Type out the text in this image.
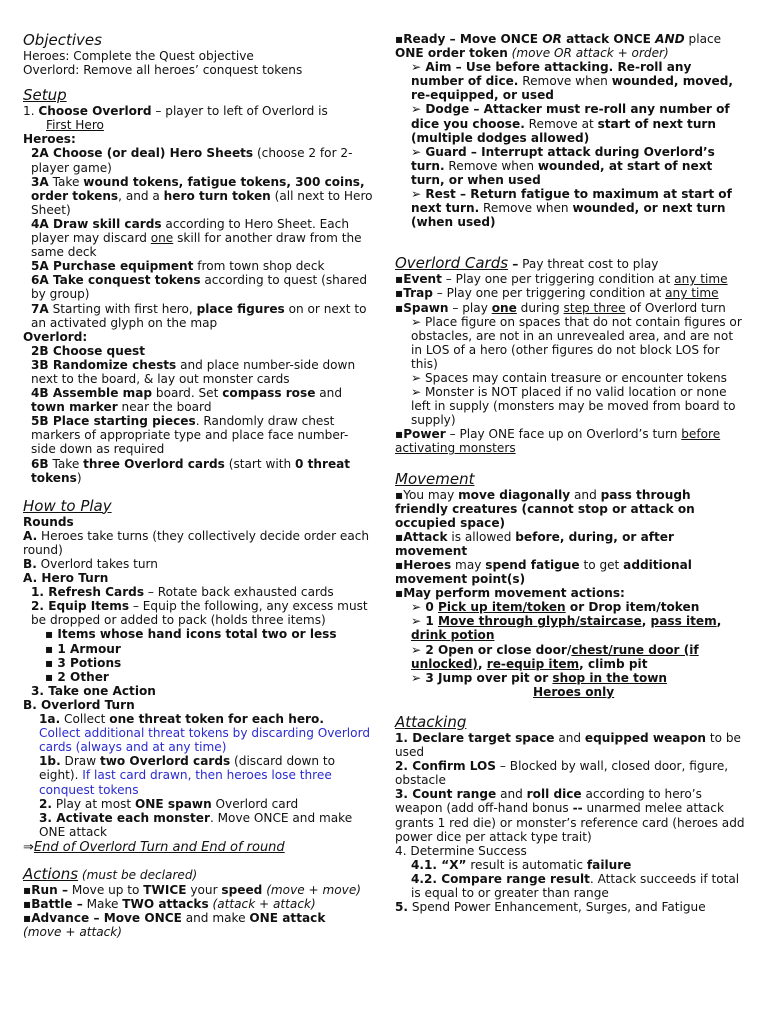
Objectives

Heroes: Complete the Quest objective

Overlord: Remove all heroes’ conquest tokens

Setup

1. Choose Overlord – player to left of Overlord is
First Hero

Heroes:

2A Choose (or deal) Hero Sheets (choose 2 for 2-player game)

3A Take wound tokens, fatigue tokens, 300 coins, order tokens, and a hero turn token (all next to Hero Sheet)

4A Draw skill cards according to Hero Sheet. Each player may discard one skill for another draw from the same deck

5A Purchase equipment from town shop deck

6A Take conquest tokens according to quest (shared by group)

7A Starting with first hero, place figures on or next to an activated glyph on the map

Overlord:

2B Choose quest

3B Randomize chests and place number-side down next to the board, & lay out monster cards

4B Assemble map board. Set compass rose and town marker near the board

5B Place starting pieces. Randomly draw chest markers of appropriate type and place face number-side down as required

6B Take three Overlord cards (start with 0 threat tokens)

How to Play

Rounds

A. Heroes take turns (they collectively decide order each round)

B. Overlord takes turn

A. Hero Turn

1. Refresh Cards – Rotate back exhausted cards

2. Equip Items – Equip the following, any excess must be dropped or added to pack (holds three items)

▪ Items whose hand icons total two or less

▪ 1 Armour

▪ 3 Potions

▪ 2 Other

3. Take one Action

B. Overlord Turn

1a. Collect one threat token for each hero.
Collect additional threat tokens by discarding Overlord cards (always and at any time)

1b. Draw two Overlord cards (discard down to eight). If last card drawn, then heroes lose three conquest tokens

2. Play at most ONE spawn Overlord card

3. Activate each monster. Move ONCE and make ONE attack

⇒End of Overlord Turn and End of round

Actions (must be declared)

▪Run – Move up to TWICE your speed (move + move)

▪Battle – Make TWO attacks (attack + attack)

▪Advance – Move ONCE and make ONE attack
(move + attack)

▪Ready – Move ONCE OR attack ONCE AND place ONE order token (move OR attack + order)

➢ Aim – Use before attacking. Re-roll any number of dice. Remove when wounded, moved, re-equipped, or used

➢ Dodge – Attacker must re-roll any number of dice you choose. Remove at start of next turn (multiple dodges allowed)

➢ Guard – Interrupt attack during Overlord’s turn. Remove when wounded, at start of next turn, or when used

➢ Rest – Return fatigue to maximum at start of next turn. Remove when wounded, or next turn (when used)

Overlord Cards – Pay threat cost to play

▪Event – Play one per triggering condition at any time

▪Trap – Play one per triggering condition at any time

▪Spawn – play one during step three of Overlord turn

➢ Place figure on spaces that do not contain figures or obstacles, are not in an unrevealed area, and are not in LOS of a hero (other figures do not block LOS for this)

➢ Spaces may contain treasure or encounter tokens

➢ Monster is NOT placed if no valid location or none left in supply (monsters may be moved from board to supply)

▪Power – Play ONE face up on Overlord’s turn before activating monsters

Movement

▪You may move diagonally and pass through friendly creatures (cannot stop or attack on occupied space)

▪Attack is allowed before, during, or after movement

▪Heroes may spend fatigue to get additional movement point(s)

▪May perform movement actions:

➢ 0 Pick up item/token or Drop item/token

➢ 1 Move through glyph/staircase, pass item, drink potion

➢ 2 Open or close door/chest/rune door (if unlocked), re-equip item, climb pit

➢ 3 Jump over pit or shop in the town
Heroes only

Attacking

1. Declare target space and equipped weapon to be used

2. Confirm LOS – Blocked by wall, closed door, figure, obstacle

3. Count range and roll dice according to hero’s weapon (add off-hand bonus -- unarmed melee attack grants 1 red die) or monster’s reference card (heroes add power dice per attack type trait)

4. Determine Success

4.1. “X” result is automatic failure

4.2. Compare range result. Attack succeeds if total is equal to or greater than range

5. Spend Power Enhancement, Surges, and Fatigue
